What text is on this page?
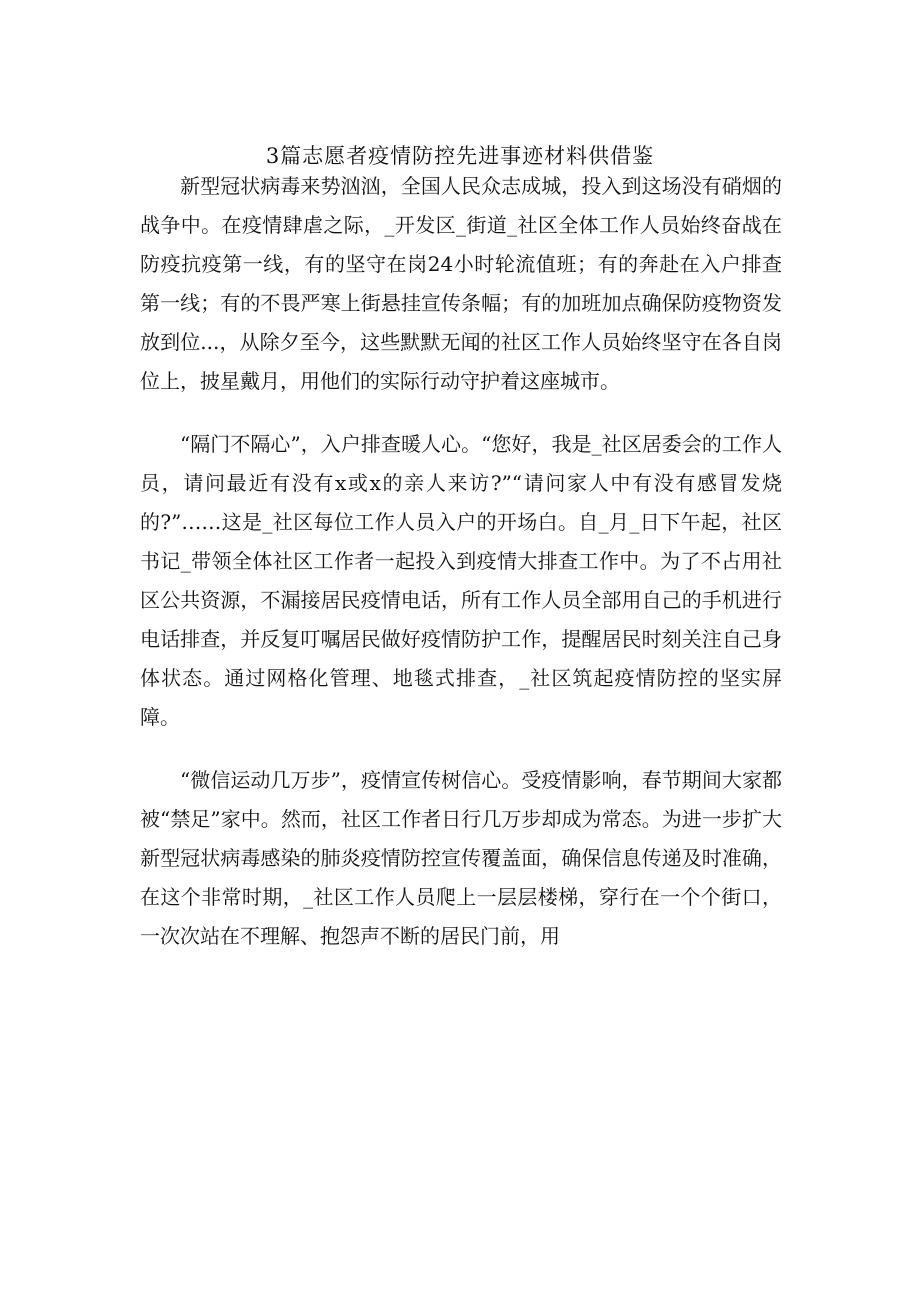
3篇志愿者疫情防控先进事迹材料供借鉴

新型冠状病毒来势汹汹，全国人民众志成城，投入到这场没有硝烟的战争中。在疫情肆虐之际，_开发区_街道_社区全体工作人员始终奋战在防疫抗疫第一线，有的坚守在岗24小时轮流值班；有的奔赴在入户排查第一线；有的不畏严寒上街悬挂宣传条幅；有的加班加点确保防疫物资发放到位...，从除夕至今，这些默默无闻的社区工作人员始终坚守在各自岗位上，披星戴月，用他们的实际行动守护着这座城市。

“隔门不隔心”，入户排查暖人心。“您好，我是_社区居委会的工作人员，请问最近有没有x或x的亲人来访?”“请问家人中有没有感冒发烧的?”……这是_社区每位工作人员入户的开场白。自_月_日下午起，社区书记_带领全体社区工作者一起投入到疫情大排查工作中。为了不占用社区公共资源，不漏接居民疫情电话，所有工作人员全部用自己的手机进行电话排查，并反复叮嘱居民做好疫情防护工作，提醒居民时刻关注自己身体状态。通过网格化管理、地毯式排查，_社区筑起疫情防控的坚实屏障。

“微信运动几万步”，疫情宣传树信心。受疫情影响，春节期间大家都被“禁足”家中。然而，社区工作者日行几万步却成为常态。为进一步扩大新型冠状病毒感染的肺炎疫情防控宣传覆盖面，确保信息传递及时准确，在这个非常时期，_社区工作人员爬上一层层楼梯，穿行在一个个街口，一次次站在不理解、抱怨声不断的居民门前，用
